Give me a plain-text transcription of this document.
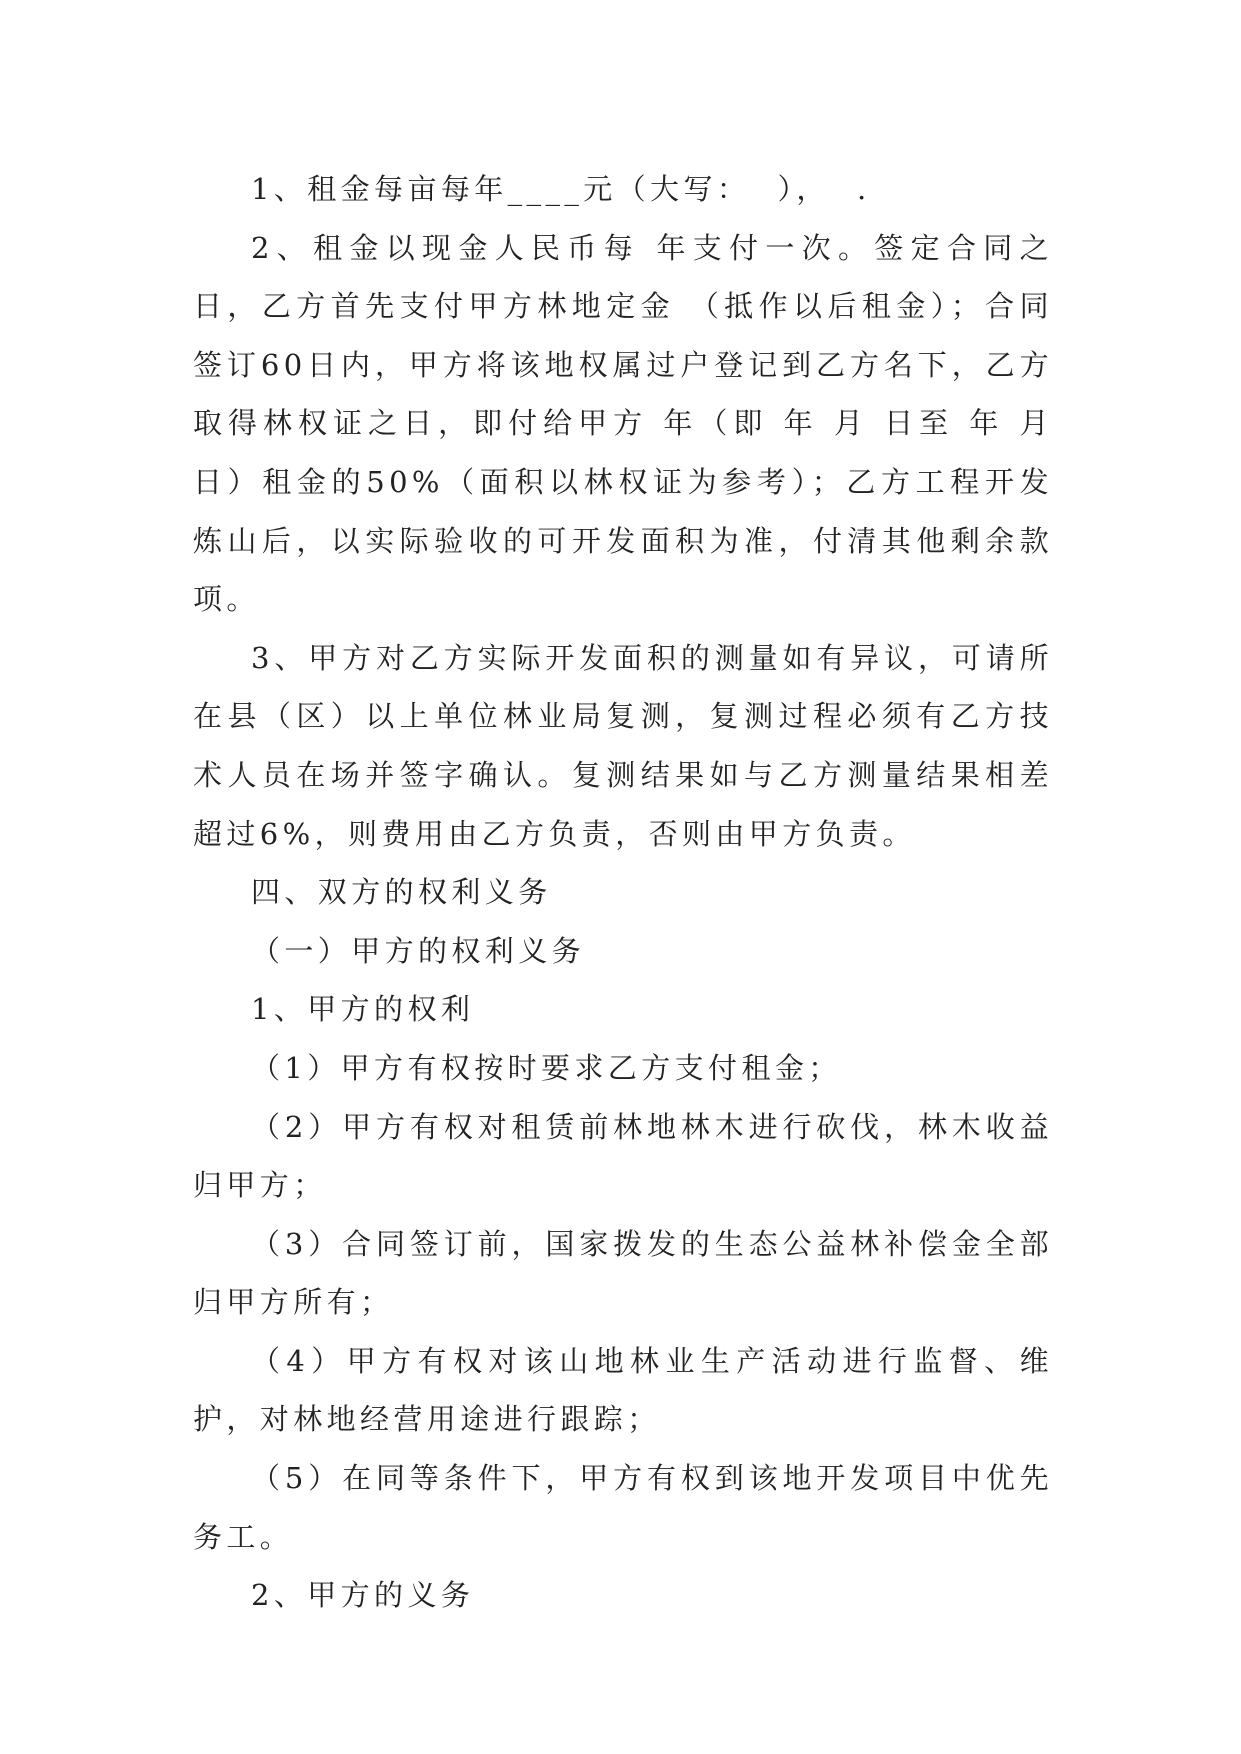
1、租金每亩每年____元（大写：  ），  .

2、租金以现金人民币每 年支付一次。签定合同之日，乙方首先支付甲方林地定金 （抵作以后租金）；合同签订60日内，甲方将该地权属过户登记到乙方名下，乙方取得林权证之日，即付给甲方 年（即 年 月 日至 年 月 日）租金的50%（面积以林权证为参考）；乙方工程开发炼山后，以实际验收的可开发面积为准，付清其他剩余款项。

3、甲方对乙方实际开发面积的测量如有异议，可请所在县（区）以上单位林业局复测，复测过程必须有乙方技术人员在场并签字确认。复测结果如与乙方测量结果相差超过6%，则费用由乙方负责，否则由甲方负责。

四、双方的权利义务

（一）甲方的权利义务

1、甲方的权利

（1）甲方有权按时要求乙方支付租金；

（2）甲方有权对租赁前林地林木进行砍伐，林木收益归甲方；

（3）合同签订前，国家拨发的生态公益林补偿金全部归甲方所有；

（4）甲方有权对该山地林业生产活动进行监督、维护，对林地经营用途进行跟踪；

（5）在同等条件下，甲方有权到该地开发项目中优先务工。

2、甲方的义务
